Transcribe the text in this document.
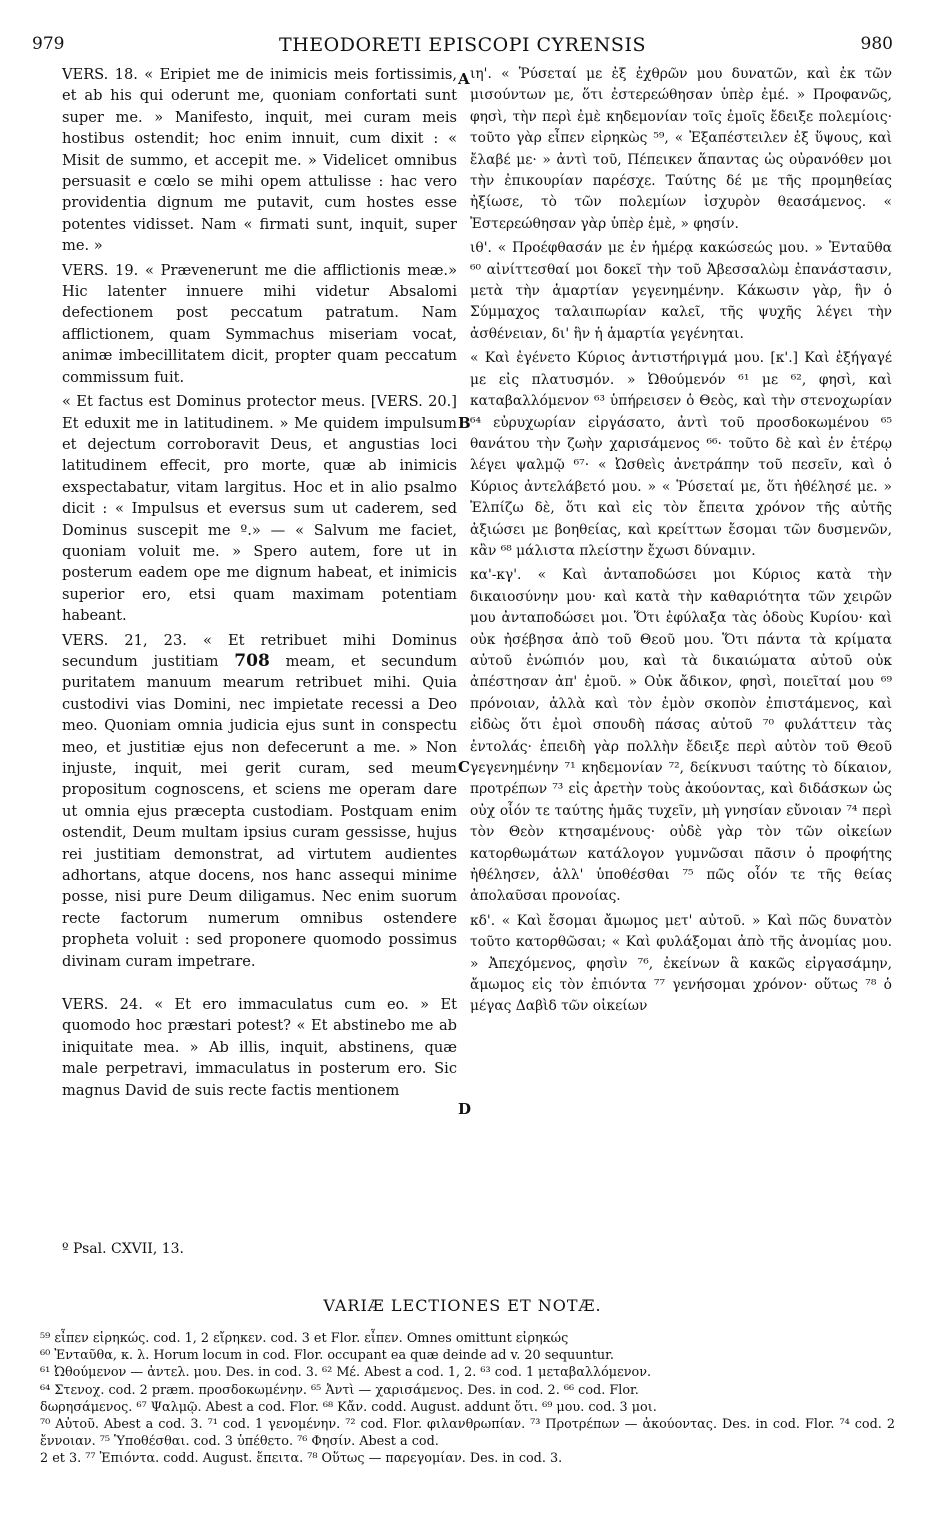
979	THEODORETI EPISCOPI CYRENSIS	980
A
B
C
D

VERS. 18. « Eripiet me de inimicis meis fortissimis, et ab his qui oderunt me, quoniam confortati sunt super me. » Manifesto, inquit, mei curam meis hostibus ostendit; hoc enim innuit, cum dixit : « Misit de summo, et accepit me. » Videlicet omnibus persuasit e cœlo se mihi opem attulisse : hac vero providentia dignum me putavit, cum hostes esse potentes vidisset. Nam « firmati sunt, inquit, super me. »

VERS. 19. « Prævenerunt me die afflictionis meæ.» Hic latenter innuere mihi videtur Absalomi defectionem post peccatum patratum. Nam afflictionem, quam Symmachus miseriam vocat, animæ imbecillitatem dicit, propter quam peccatum commissum fuit.

« Et factus est Dominus protector meus. [VERS. 20.] Et eduxit me in latitudinem. » Me quidem impulsum et dejectum corroboravit Deus, et angustias loci latitudinem effecit, pro morte, quæ ab inimicis exspectabatur, vitam largitus. Hoc et in alio psalmo dicit : « Impulsus et eversus sum ut caderem, sed Dominus suscepit me º.» — « Salvum me faciet, quoniam voluit me. » Spero autem, fore ut in posterum eadem ope me dignum habeat, et inimicis superior ero, etsi quam maximam potentiam habeant.

VERS. 21, 23. « Et retribuet mihi Dominus secundum justitiam 708 meam, et secundum puritatem manuum mearum retribuet mihi. Quia custodivi vias Domini, nec impietate recessi a Deo meo. Quoniam omnia judicia ejus sunt in conspectu meo, et justitiæ ejus non defecerunt a me. » Non injuste, inquit, mei gerit curam, sed meum propositum cognoscens, et sciens me operam dare ut omnia ejus præcepta custodiam. Postquam enim ostendit, Deum multam ipsius curam gessisse, hujus rei justitiam demonstrat, ad virtutem audientes adhortans, atque docens, nos hanc assequi minime posse, nisi pure Deum diligamus. Nec enim suorum recte factorum numerum omnibus ostendere propheta voluit : sed proponere quomodo possimus divinam curam impetrare.

VERS. 24. « Et ero immaculatus cum eo. » Et quomodo hoc præstari potest? « Et abstinebo me ab iniquitate mea. » Ab illis, inquit, abstinens, quæ male perpetravi, immaculatus in posterum ero. Sic magnus David de suis recte factis mentionem

ιη'. « Ῥύσεταί με ἐξ ἐχθρῶν μου δυνατῶν, καὶ ἐκ τῶν μισούντων με, ὅτι ἐστερεώθησαν ὑπὲρ ἐμέ. » Προφανῶς, φησὶ, τὴν περὶ ἐμὲ κηδεμονίαν τοῖς ἐμοῖς ἔδειξε πολεμίοις· τοῦτο γὰρ εἶπεν εἰρηκὼς ⁵⁹, « Ἐξαπέστειλεν ἐξ ὕψους, καὶ ἔλαβέ με· » ἀντὶ τοῦ, Πέπεικεν ἅπαντας ὡς οὐρανόθεν μοι τὴν ἐπικουρίαν παρέσχε. Ταύτης δέ με τῆς προμηθείας ἠξίωσε, τὸ τῶν πολεμίων ἰσχυρὸν θεασάμενος. « Ἐστερεώθησαν γὰρ ὑπὲρ ἐμὲ, » φησίν.

ιθ'. « Προέφθασάν με ἐν ἡμέρᾳ κακώσεώς μου. » Ἐνταῦθα ⁶⁰ αἰνίττεσθαί μοι δοκεῖ τὴν τοῦ Ἀβεσσαλὼμ ἐπανάστασιν, μετὰ τὴν ἁμαρτίαν γεγενημένην. Κάκωσιν γὰρ, ἣν ὁ Σύμμαχος ταλαιπωρίαν καλεῖ, τῆς ψυχῆς λέγει τὴν ἀσθένειαν, δι' ἣν ἡ ἁμαρτία γεγένηται.

« Καὶ ἐγένετο Κύριος ἀντιστήριγμά μου. [κ'.] Καὶ ἐξήγαγέ με εἰς πλατυσμόν. » Ὠθούμενόν ⁶¹ με ⁶², φησὶ, καὶ καταβαλλόμενον ⁶³ ὑπήρεισεν ὁ Θεὸς, καὶ τὴν στενοχωρίαν ⁶⁴ εὐρυχωρίαν εἰργάσατο, ἀντὶ τοῦ προσδοκωμένου ⁶⁵ θανάτου τὴν ζωὴν χαρισάμενος ⁶⁶· τοῦτο δὲ καὶ ἐν ἑτέρῳ λέγει ψαλμῷ ⁶⁷· « Ὠσθεὶς ἀνετράπην τοῦ πεσεῖν, καὶ ὁ Κύριος ἀντελάβετό μου. » « Ῥύσεταί με, ὅτι ἠθέλησέ με. » Ἐλπίζω δὲ, ὅτι καὶ εἰς τὸν ἔπειτα χρόνον τῆς αὐτῆς ἀξιώσει με βοηθείας, καὶ κρείττων ἔσομαι τῶν δυσμενῶν, κἂν ⁶⁸ μάλιστα πλείστην ἔχωσι δύναμιν.

κα'-κγ'. « Καὶ ἀνταποδώσει μοι Κύριος κατὰ τὴν δικαιοσύνην μου· καὶ κατὰ τὴν καθαριότητα τῶν χειρῶν μου ἀνταποδώσει μοι. Ὅτι ἐφύλαξα τὰς ὁδοὺς Κυρίου· καὶ οὐκ ἠσέβησα ἀπὸ τοῦ Θεοῦ μου. Ὅτι πάντα τὰ κρίματα αὐτοῦ ἐνώπιόν μου, καὶ τὰ δικαιώματα αὐτοῦ οὐκ ἀπέστησαν ἀπ' ἐμοῦ. » Οὐκ ἄδικον, φησὶ, ποιεῖταί μου ⁶⁹ πρόνοιαν, ἀλλὰ καὶ τὸν ἐμὸν σκοπὸν ἐπιστάμενος, καὶ εἰδὼς ὅτι ἐμοὶ σπουδὴ πάσας αὐτοῦ ⁷⁰ φυλάττειν τὰς ἐντολάς· ἐπειδὴ γὰρ πολλὴν ἔδειξε περὶ αὐτὸν τοῦ Θεοῦ γεγενημένην ⁷¹ κηδεμονίαν ⁷², δείκνυσι ταύτης τὸ δίκαιον, προτρέπων ⁷³ εἰς ἀρετὴν τοὺς ἀκούοντας, καὶ διδάσκων ὡς οὐχ οἷόν τε ταύτης ἡμᾶς τυχεῖν, μὴ γνησίαν εὔνοιαν ⁷⁴ περὶ τὸν Θεὸν κτησαμένους· οὐδὲ γὰρ τὸν τῶν οἰκείων κατορθωμάτων κατάλογον γυμνῶσαι πᾶσιν ὁ προφήτης ἠθέλησεν, ἀλλ' ὑποθέσθαι ⁷⁵ πῶς οἷόν τε τῆς θείας ἀπολαῦσαι προνοίας.

κδ'. « Καὶ ἔσομαι ἄμωμος μετ' αὐτοῦ. » Καὶ πῶς δυνατὸν τοῦτο κατορθῶσαι; « Καὶ φυλάξομαι ἀπὸ τῆς ἀνομίας μου. » Ἀπεχόμενος, φησὶν ⁷⁶, ἐκείνων ἃ κακῶς εἰργασάμην, ἄμωμος εἰς τὸν ἐπιόντα ⁷⁷ γενήσομαι χρόνον· οὕτως ⁷⁸ ὁ μέγας Δαβὶδ τῶν οἰκείων

º Psal. CXVII, 13.
VARIÆ LECTIONES ET NOTÆ.
⁵⁹ εἶπεν εἰρηκώς. cod. 1, 2 εἴρηκεν. cod. 3 et Flor. εἶπεν. Omnes omittunt εἰρηκώς
⁶⁰ Ἐνταῦθα, κ. λ. Horum locum in cod. Flor. occupant ea quæ deinde ad v. 20 sequuntur.
⁶¹ Ὠθούμενον — ἀντελ. μου. Des. in cod. 3. ⁶² Μέ. Abest a cod. 1, 2. ⁶³ cod. 1 μεταβαλλόμενον.
⁶⁴ Στενοχ. cod. 2 præm. προσδοκωμένην. ⁶⁵ Ἀντὶ — χαρισάμενος. Des. in cod. 2. ⁶⁶ cod. Flor.
δωρησάμενος. ⁶⁷ Ψαλμῷ. Abest a cod. Flor. ⁶⁸ Κἄν. codd. August. addunt ὅτι. ⁶⁹ μου. cod. 3 μοι.
⁷⁰ Αὐτοῦ. Abest a cod. 3. ⁷¹ cod. 1 γενομένην. ⁷² cod. Flor. φιλανθρωπίαν. ⁷³ Προτρέπων — ἀκούοντας. Des. in cod. Flor. ⁷⁴ cod. 2 ἔννοιαν. ⁷⁵ Ὑποθέσθαι. cod. 3 ὑπέθετο. ⁷⁶ Φησίν. Abest a cod.
2 et 3. ⁷⁷ Ἐπιόντα. codd. August. ἔπειτα. ⁷⁸ Οὕτως — παρεγομίαν. Des. in cod. 3.
